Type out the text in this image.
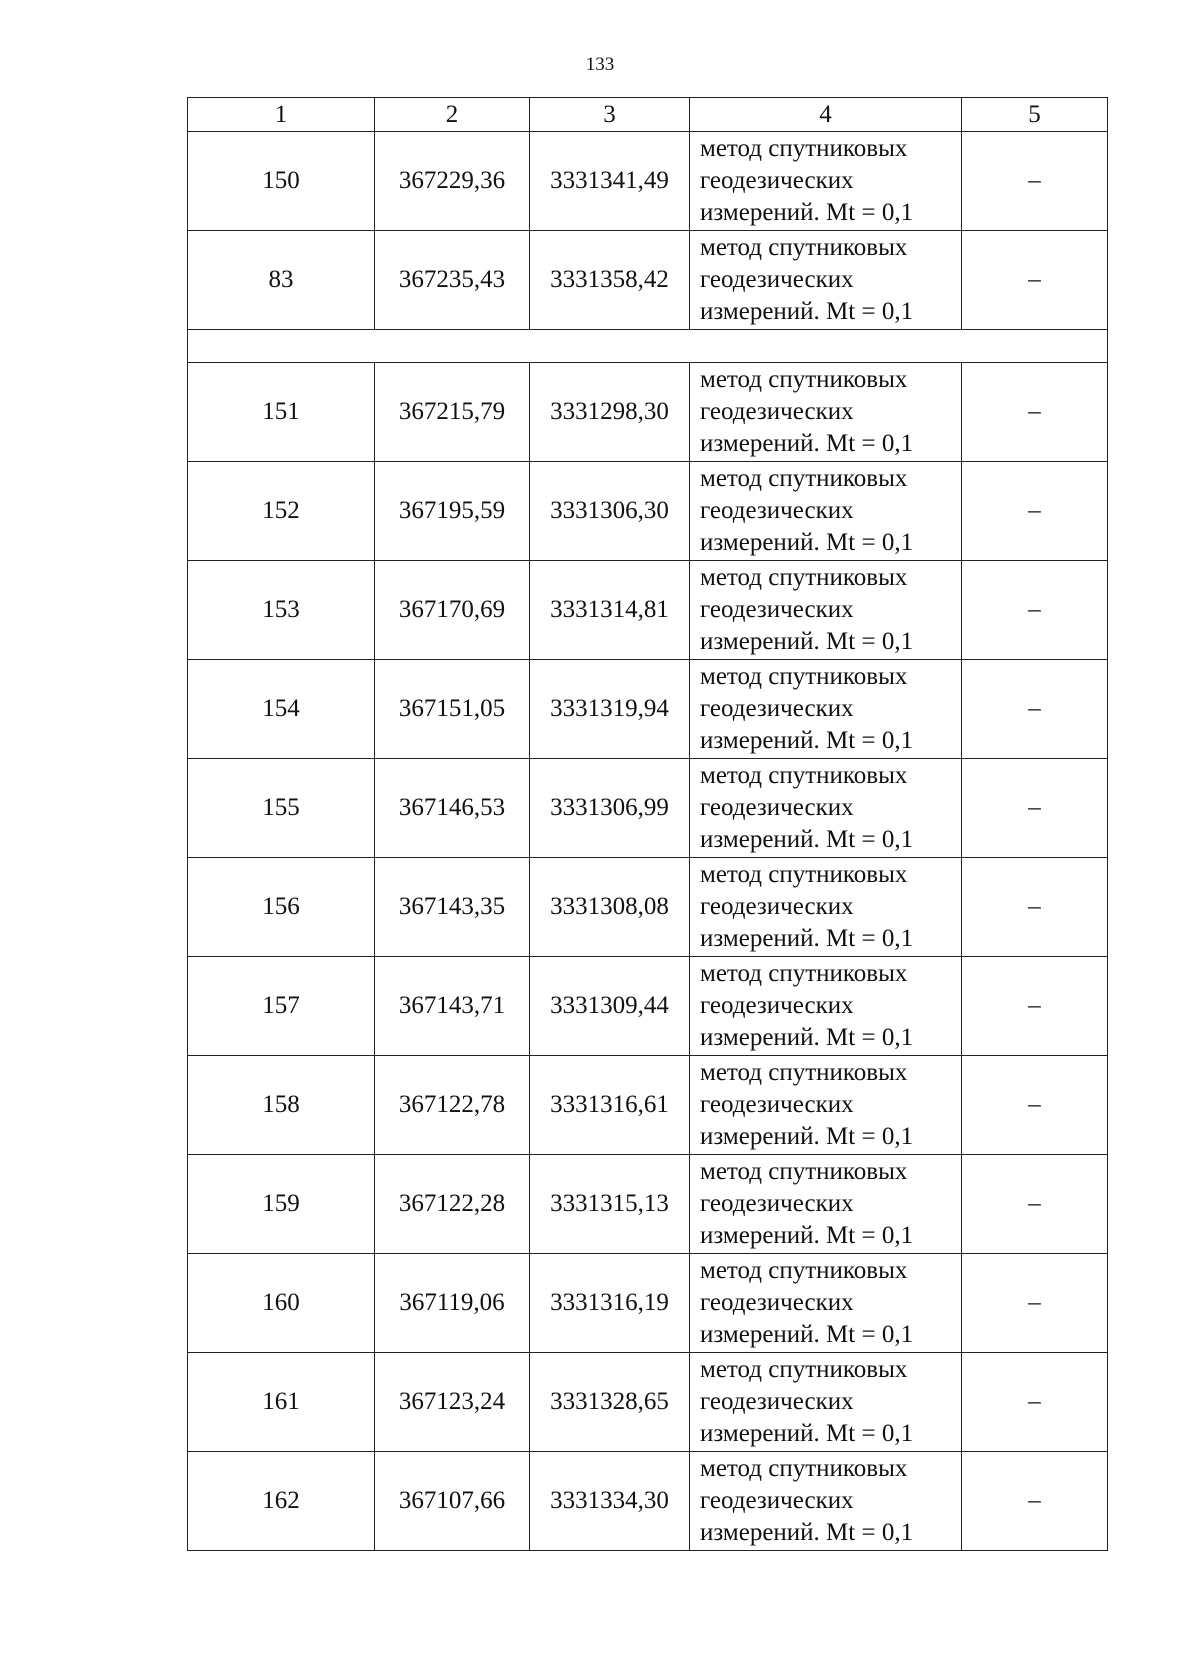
133
1	2	3	4	5
150	367229,36	3331341,49	метод спутниковых
геодезических
измерений. Mt = 0,1	–
83	367235,43	3331358,42	метод спутниковых
геодезических
измерений. Mt = 0,1	–

151	367215,79	3331298,30	метод спутниковых
геодезических
измерений. Mt = 0,1	–
152	367195,59	3331306,30	метод спутниковых
геодезических
измерений. Mt = 0,1	–
153	367170,69	3331314,81	метод спутниковых
геодезических
измерений. Mt = 0,1	–
154	367151,05	3331319,94	метод спутниковых
геодезических
измерений. Mt = 0,1	–
155	367146,53	3331306,99	метод спутниковых
геодезических
измерений. Mt = 0,1	–
156	367143,35	3331308,08	метод спутниковых
геодезических
измерений. Mt = 0,1	–
157	367143,71	3331309,44	метод спутниковых
геодезических
измерений. Mt = 0,1	–
158	367122,78	3331316,61	метод спутниковых
геодезических
измерений. Mt = 0,1	–
159	367122,28	3331315,13	метод спутниковых
геодезических
измерений. Mt = 0,1	–
160	367119,06	3331316,19	метод спутниковых
геодезических
измерений. Mt = 0,1	–
161	367123,24	3331328,65	метод спутниковых
геодезических
измерений. Mt = 0,1	–
162	367107,66	3331334,30	метод спутниковых
геодезических
измерений. Mt = 0,1	–
